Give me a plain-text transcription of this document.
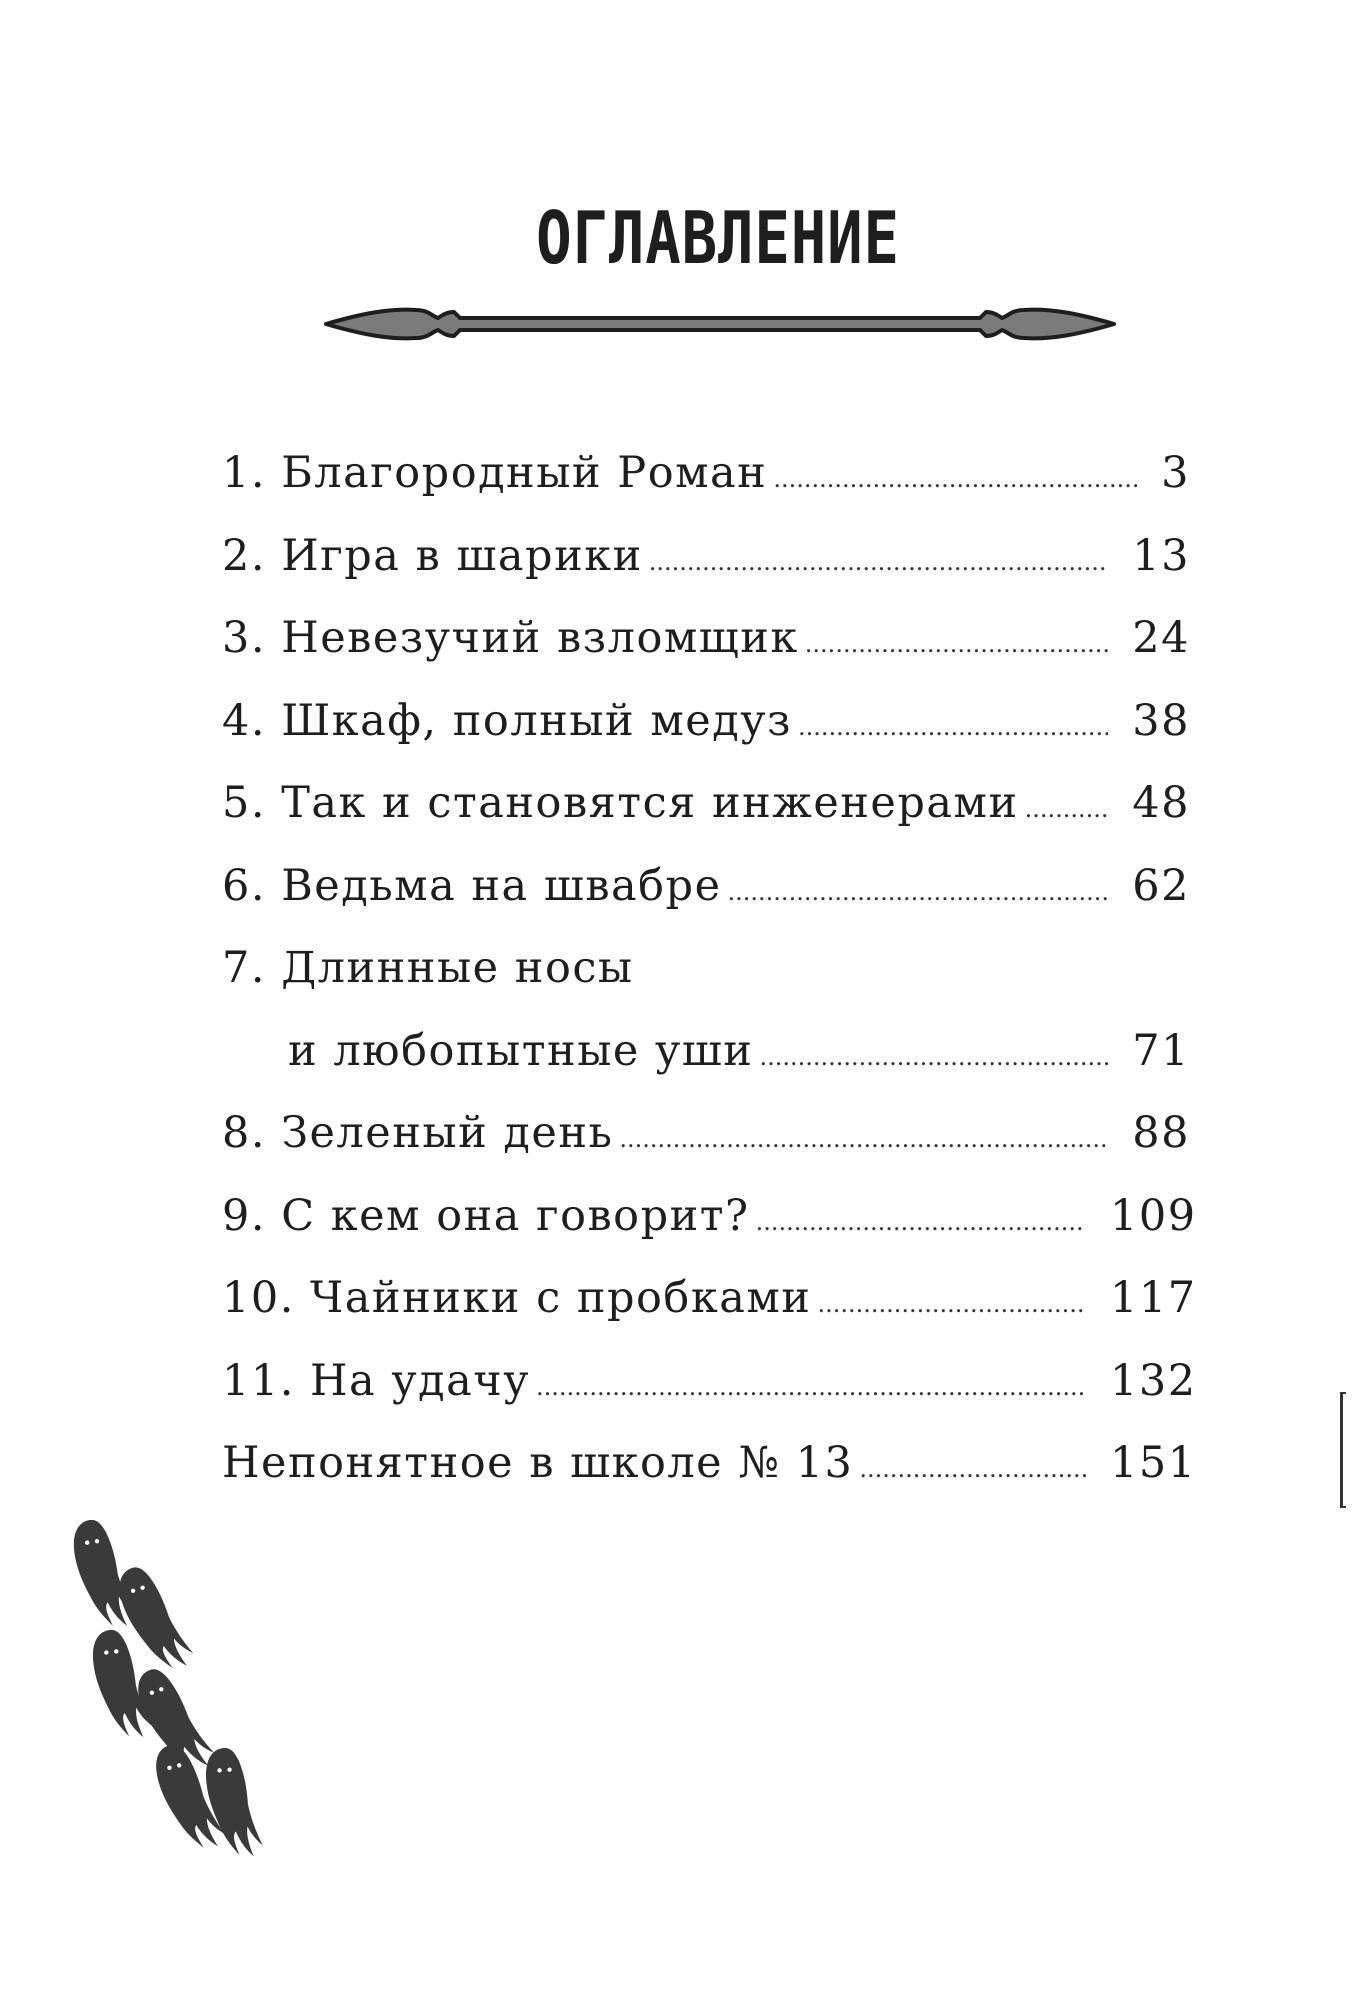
ОГЛАВЛЕНИЕ
1. Благородный Роман .....	3
2. Игра в шарики .....	13
3. Невезучий взломщик .....	24
4. Шкаф, полный медуз .....	38
5. Так и становятся инженерами .....	48
6. Ведьма на швабре .....	62
7. Длинные носы
и любопытные уши .....	71
8. Зеленый день .....	88
9. С кем она говорит? .....	109
10. Чайники с пробками .....	117
11. На удачу .....	132
Непонятное в школе № 13 .....	151
